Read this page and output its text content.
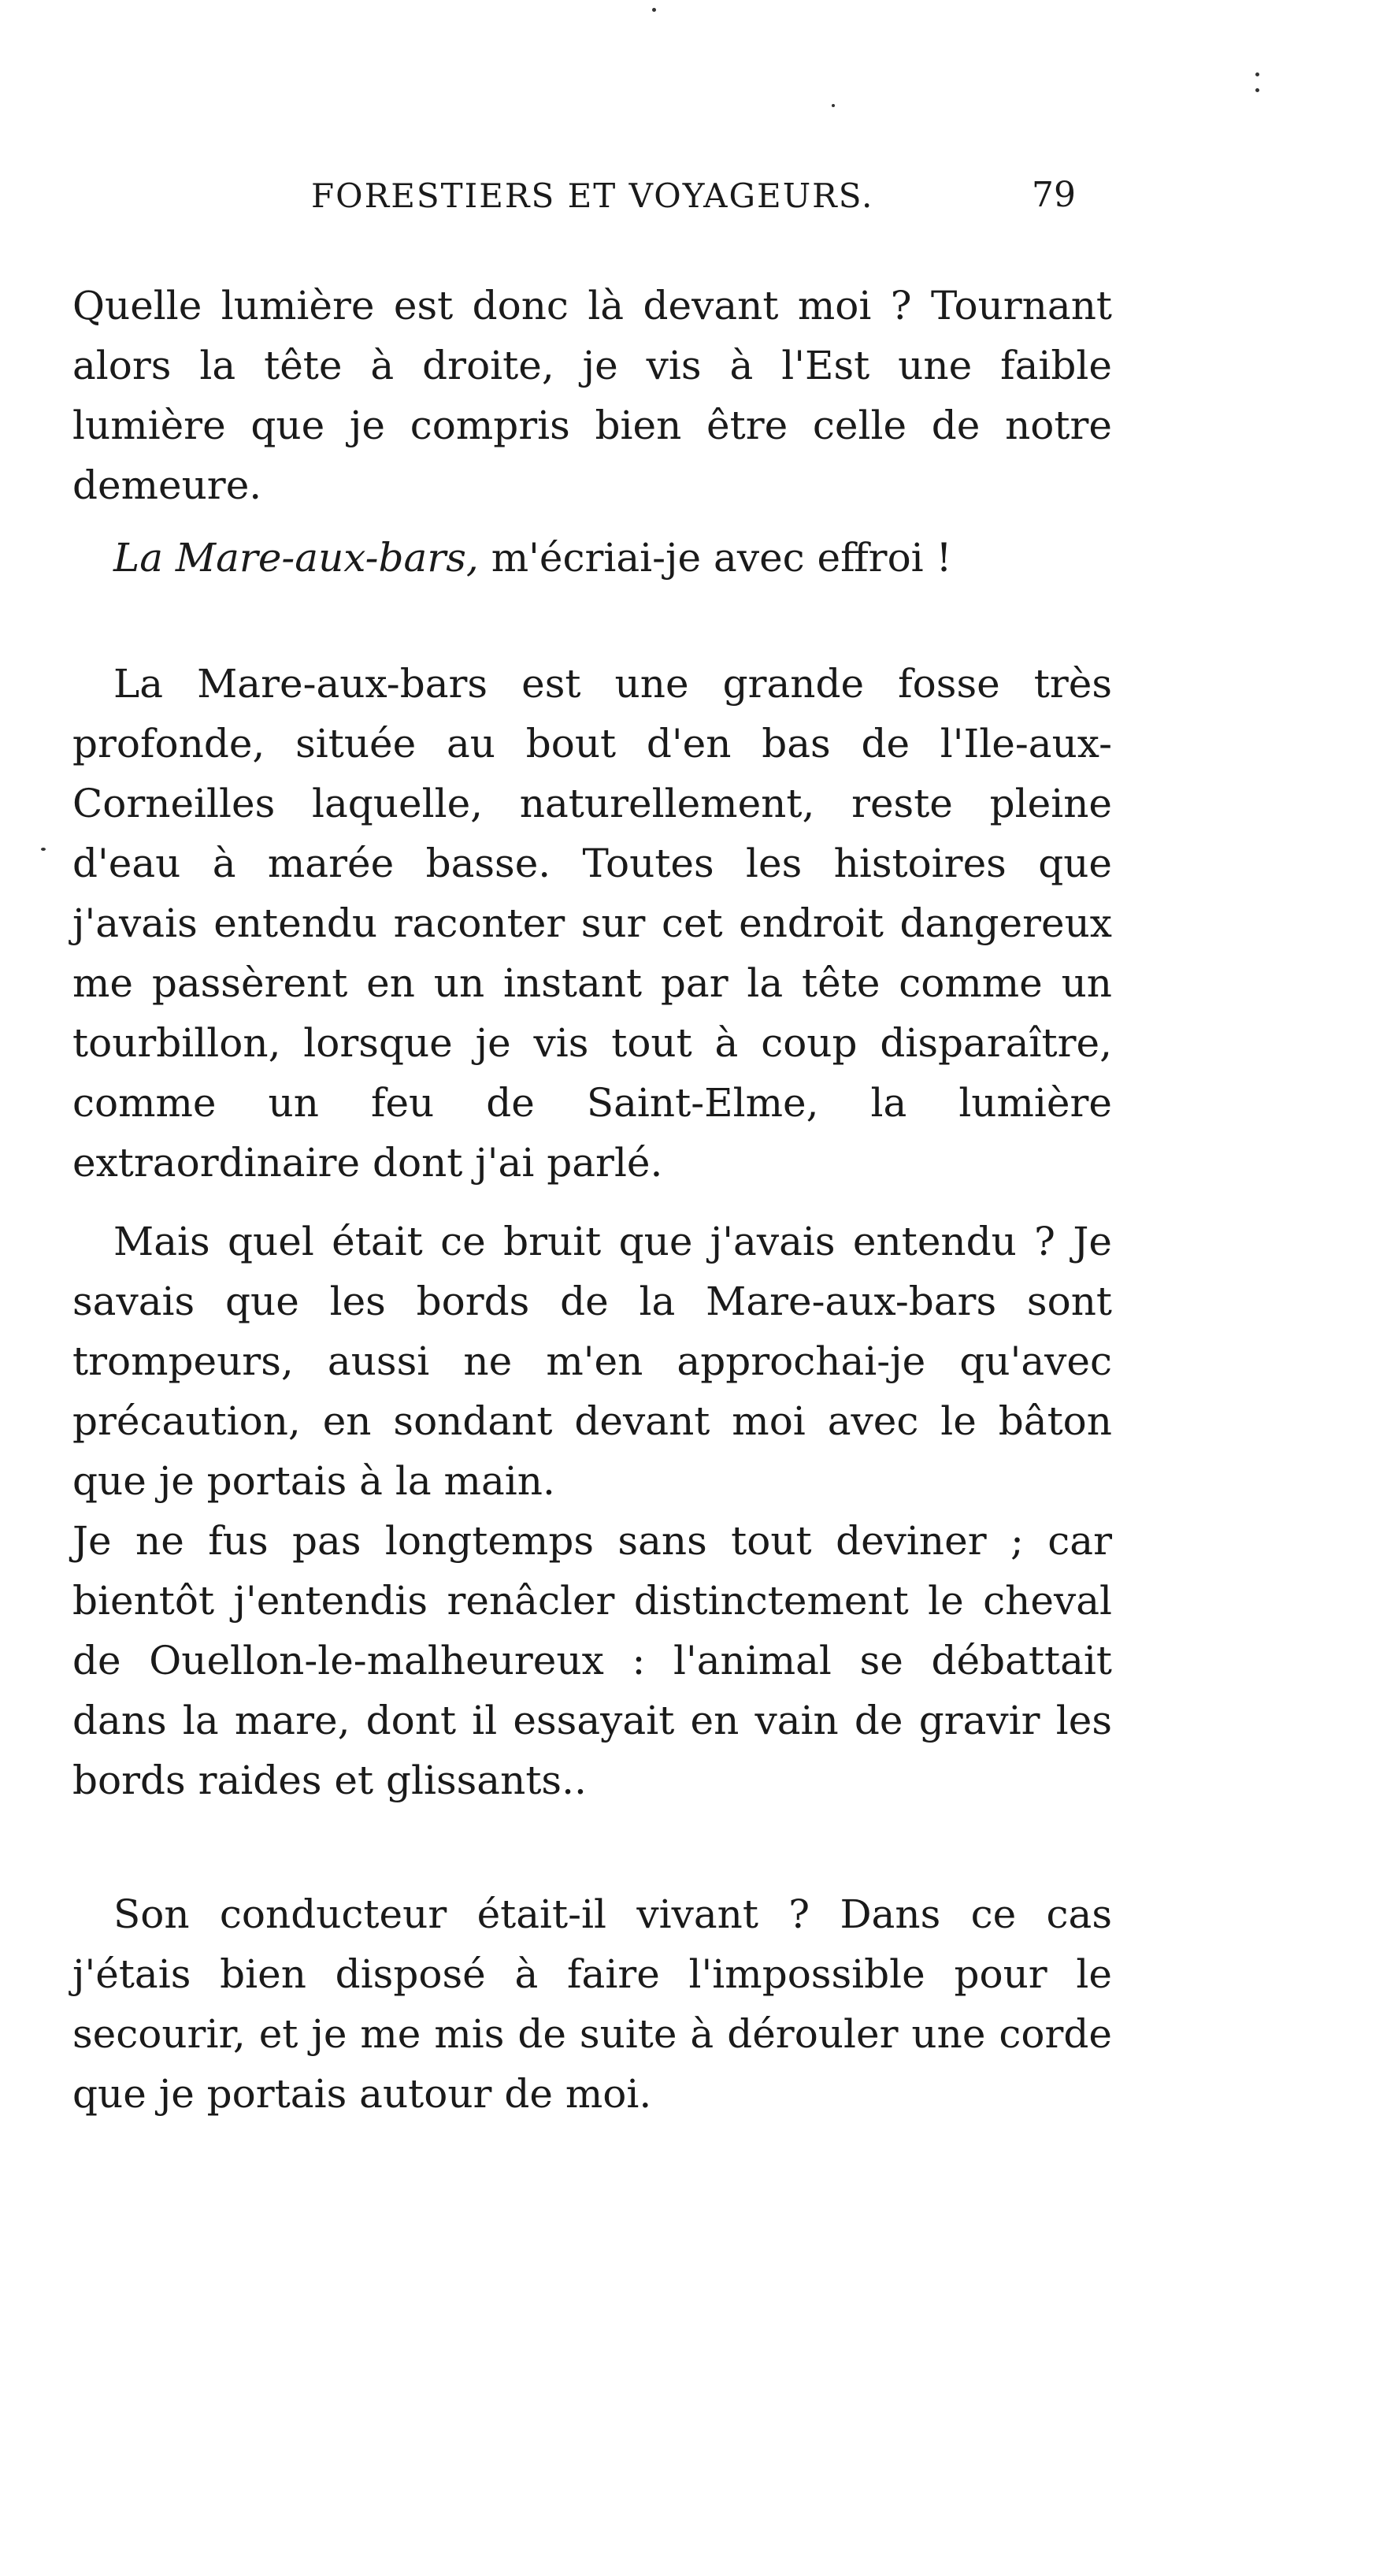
FORESTIERS ET VOYAGEURS.	79

Quelle lumière est donc là devant moi ? Tournant alors la tête à droite, je vis à l'Est une faible lumière que je compris bien être celle de notre demeure.

La Mare-aux-bars, m'écriai-je avec effroi !

La Mare-aux-bars est une grande fosse très profonde, située au bout d'en bas de l'Ile-aux-Corneilles laquelle, naturellement, reste pleine d'eau à marée basse. Toutes les histoires que j'avais entendu raconter sur cet endroit dangereux me passèrent en un instant par la tête comme un tourbillon, lorsque je vis tout à coup disparaître, comme un feu de Saint-Elme, la lumière extraordinaire dont j'ai parlé.

Mais quel était ce bruit que j'avais entendu ? Je savais que les bords de la Mare-aux-bars sont trompeurs, aussi ne m'en approchai-je qu'avec précaution, en sondant devant moi avec le bâton que je portais à la main.

Je ne fus pas longtemps sans tout deviner ; car bientôt j'entendis renâcler distinctement le cheval de Ouellon-le-malheureux : l'animal se débattait dans la mare, dont il essayait en vain de gravir les bords raides et glissants..

Son conducteur était-il vivant ? Dans ce cas j'étais bien disposé à faire l'impossible pour le secourir, et je me mis de suite à dérouler une corde que je portais autour de moi.
